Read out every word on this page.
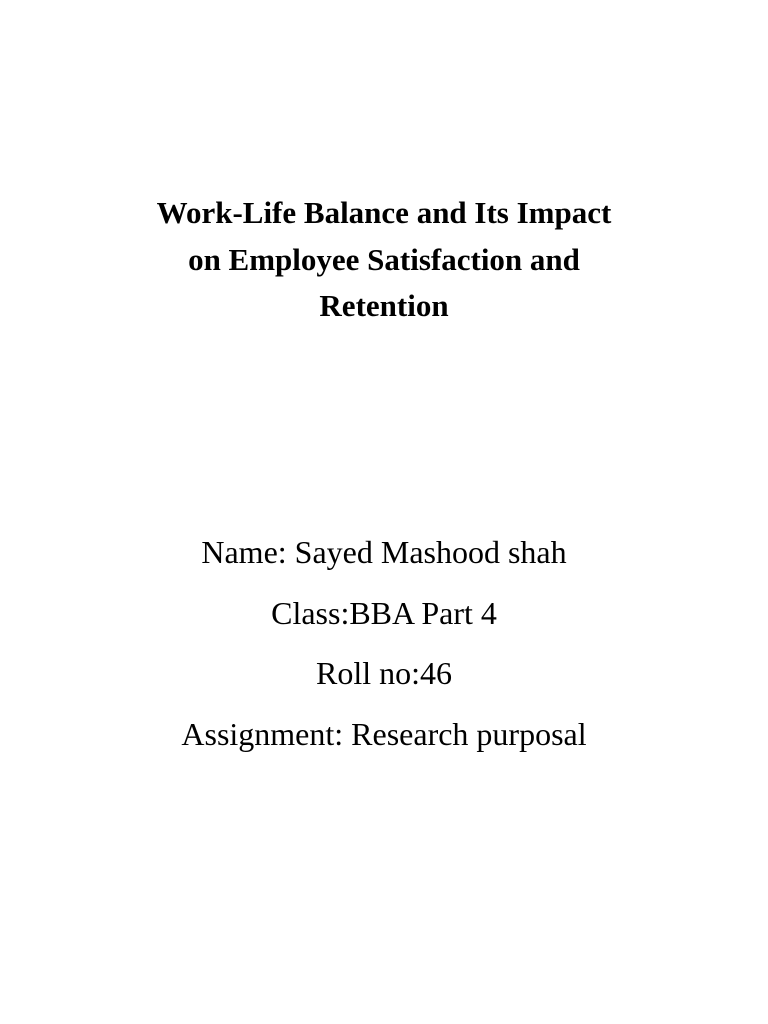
Work-Life Balance and Its Impact
on Employee Satisfaction and
Retention
Name: Sayed Mashood shah
Class:BBA Part 4
Roll no:46
Assignment: Research purposal
